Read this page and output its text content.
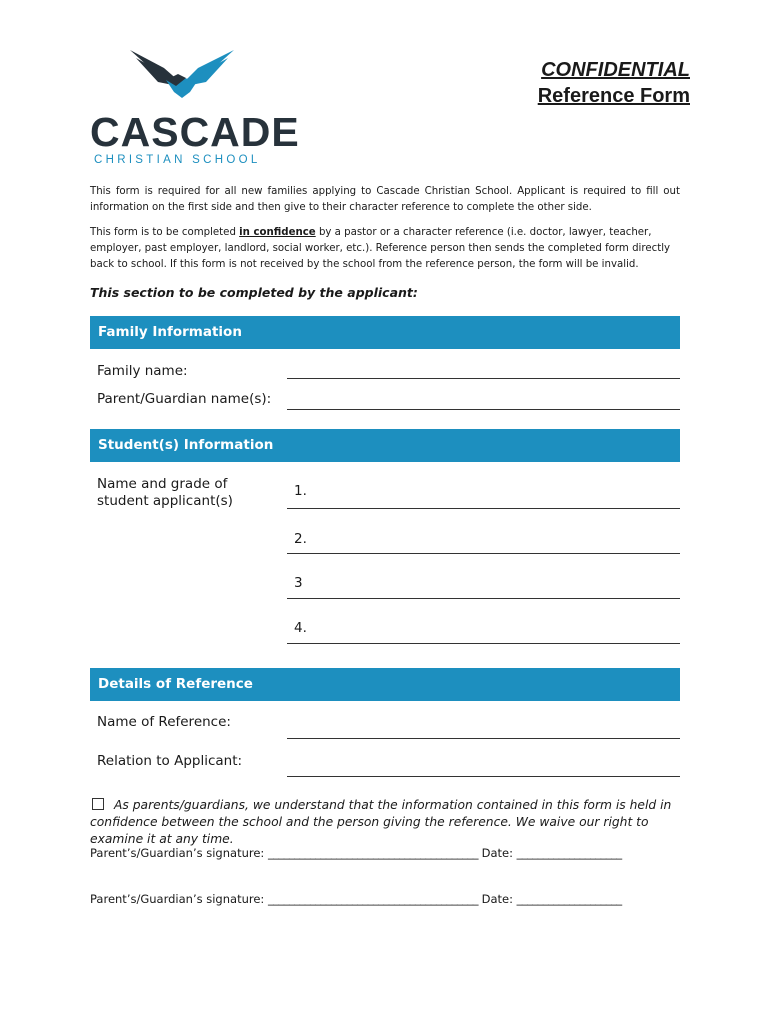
CASCADE
CHRISTIAN SCHOOL
CONFIDENTIAL
Reference Form
This form is required for all new families applying to Cascade Christian School. Applicant is required to fill out information on the first side and then give to their character reference to complete the other side.
This form is to be completed in confidence by a pastor or a character reference (i.e. doctor, lawyer, teacher, employer, past employer, landlord, social worker, etc.). Reference person then sends the completed form directly back to school. If this form is not received by the school from the reference person, the form will be invalid.
This section to be completed by the applicant:
Family Information
Family name:
Parent/Guardian name(s):
Student(s) Information
Name and grade of student applicant(s)
1.
2.
3
4.
Details of Reference
Name of Reference:
Relation to Applicant:
As parents/guardians, we understand that the information contained in this form is held in confidence between the school and the person giving the reference. We waive our right to examine it at any time.
Parent’s/Guardian’s signature: ________________________________________ Date: ____________________
Parent’s/Guardian’s signature: ________________________________________ Date: ____________________
